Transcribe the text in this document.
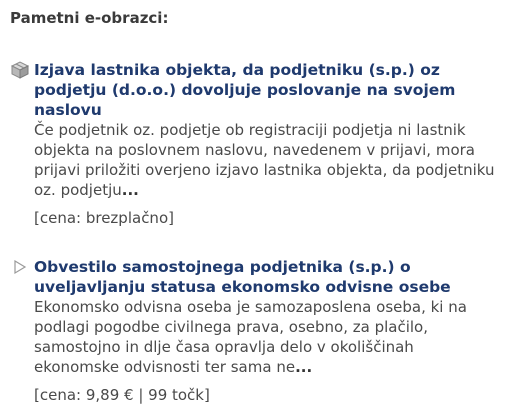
Pametni e-obrazci:
Izjava lastnika objekta, da podjetniku (s.p.) oz podjetju (d.o.o.) dovoljuje poslovanje na svojem naslovu

Če podjetnik oz. podjetje ob registraciji podjetja ni lastnik objekta na poslovnem naslovu, navedenem v prijavi, mora prijavi priložiti overjeno izjavo lastnika objekta, da podjetniku oz. podjetju...

[cena: brezplačno]
Obvestilo samostojnega podjetnika (s.p.) o uveljavljanju statusa ekonomsko odvisne osebe

Ekonomsko odvisna oseba je samozaposlena oseba, ki na podlagi pogodbe civilnega prava, osebno, za plačilo, samostojno in dlje časa opravlja delo v okoliščinah ekonomske odvisnosti ter sama ne...

[cena: 9,89 € | 99 točk]
